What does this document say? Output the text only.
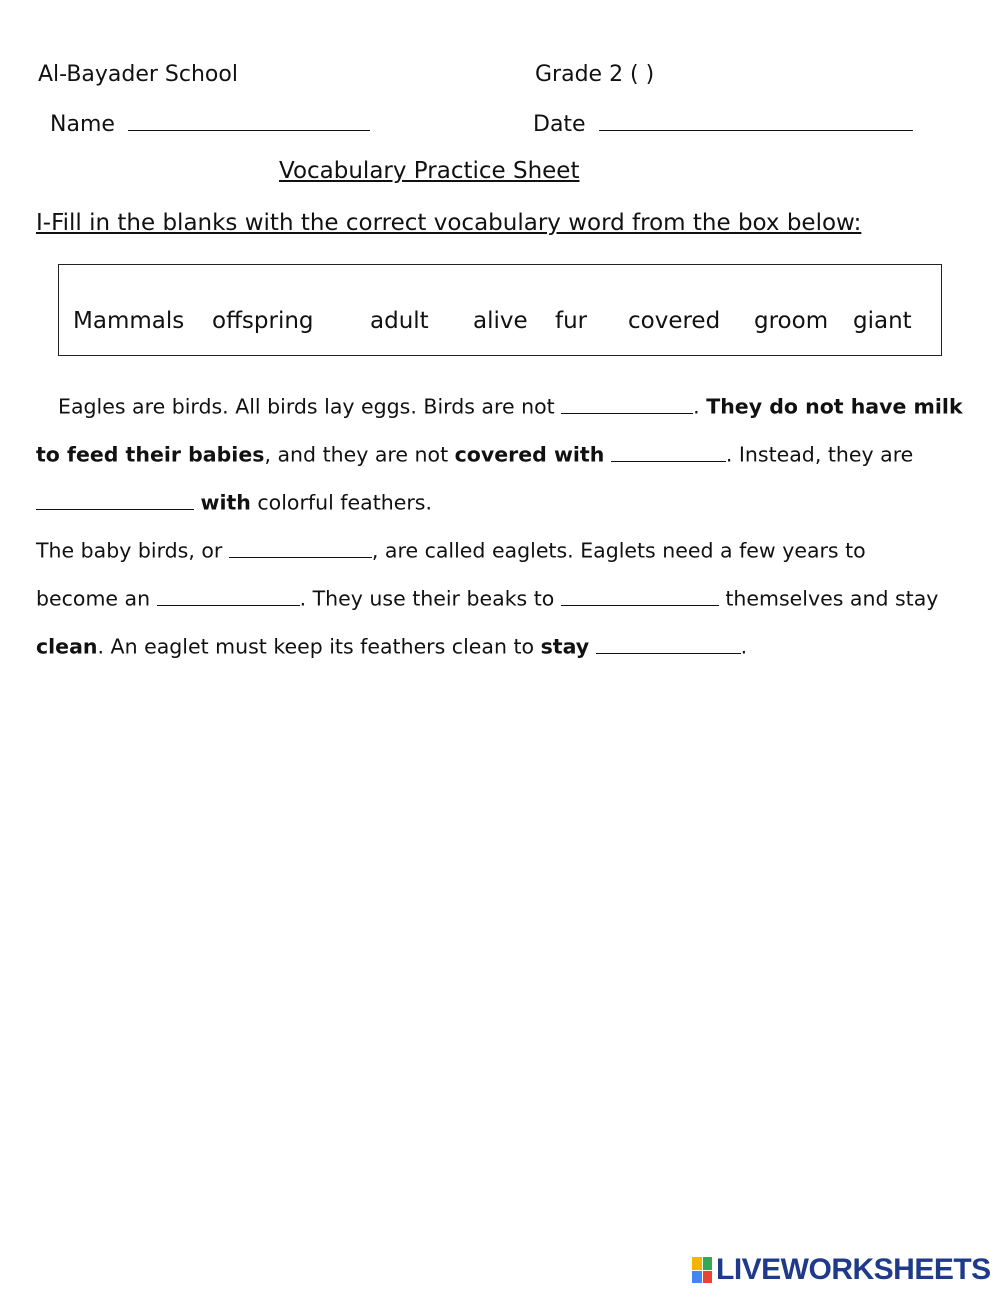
Al-Bayader School	Grade 2 ( )
Name	Date
Vocabulary Practice Sheet
I-Fill in the blanks with the correct vocabulary word from the box below:
Mammals offspring adult alive fur covered groom giant
Eagles are birds. All birds lay eggs. Birds are not	. They do not have milk
to feed their babies, and they are not covered with	. Instead, they are
with colorful feathers.
The baby birds, or	, are called eaglets. Eaglets need a few years to
become an	. They use their beaks to	themselves and stay
clean. An eaglet must keep its feathers clean to stay	.
LIVEWORKSHEETS
